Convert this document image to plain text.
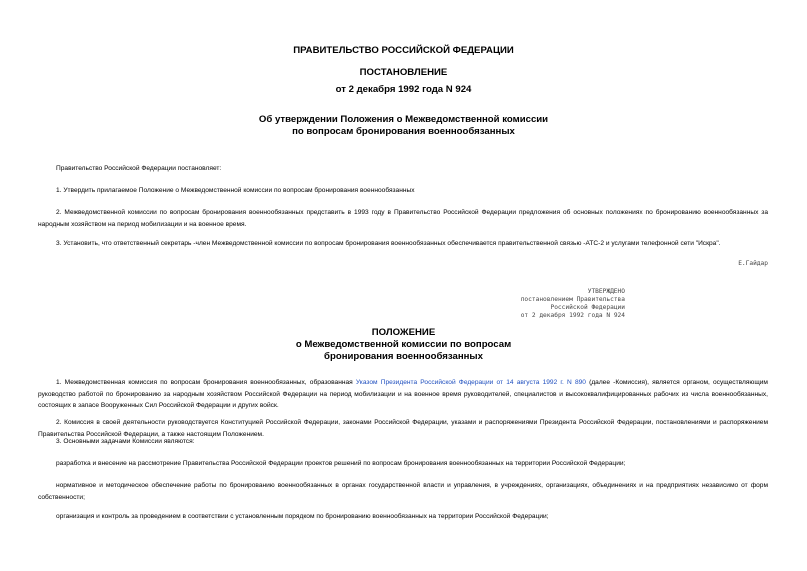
ПРАВИТЕЛЬСТВО РОССИЙСКОЙ ФЕДЕРАЦИИ
ПОСТАНОВЛЕНИЕ
от 2 декабря 1992 года N 924
Об утверждении Положения о Межведомственной комиссии
по вопросам бронирования военнообязанных
Правительство Российской Федерации постановляет:
1. Утвердить прилагаемое Положение о Межведомственной комиссии по вопросам бронирования военнообязанных
2. Межведомственной комиссии по вопросам бронирования военнообязанных представить в 1993 году в Правительство Российской Федерации предложения об основных положениях по бронированию военнообязанных за народным хозяйством на период мобилизации и на военное время.
3. Установить, что ответственный секретарь -член Межведомственной комиссии по вопросам бронирования военнообязанных обеспечивается правительственной связью -АТС-2 и услугами телефонной сети "Искра".
Е.Гайдар
УТВЕРЖДЕНО
постановлением Правительства
Российской Федерации
от 2 декабря 1992 года N 924
ПОЛОЖЕНИЕ
о Межведомственной комиссии по вопросам
бронирования военнообязанных
1. Межведомственная комиссия по вопросам бронирования военнообязанных, образованная Указом Президента Российской Федерации от 14 августа 1992 г. N 890 (далее -Комиссия), является органом, осуществляющим руководство работой по бронированию за народным хозяйством Российской Федерации на период мобилизации и на военное время руководителей, специалистов и высококвалифицированных рабочих из числа военнообязанных, состоящих в запасе Вооруженных Сил Российской Федерации и других войск.
2. Комиссия в своей деятельности руководствуется Конституцией Российской Федерации, законами Российской Федерации, указами и распоряжениями Президента Российской Федерации, постановлениями и распоряжением Правительства Российской Федерации, а также настоящим Положением.
3. Основными задачами Комиссии являются:
разработка и внесение на рассмотрение Правительства Российской Федерации проектов решений по вопросам бронирования военнообязанных на территории Российской Федерации;
нормативное и методическое обеспечение работы по бронированию военнообязанных в органах государственной власти и управления, в учреждениях, организациях, объединениях и на предприятиях независимо от форм собственности;
организация и контроль за проведением в соответствии с установленным порядком по бронированию военнообязанных на территории Российской Федерации;
